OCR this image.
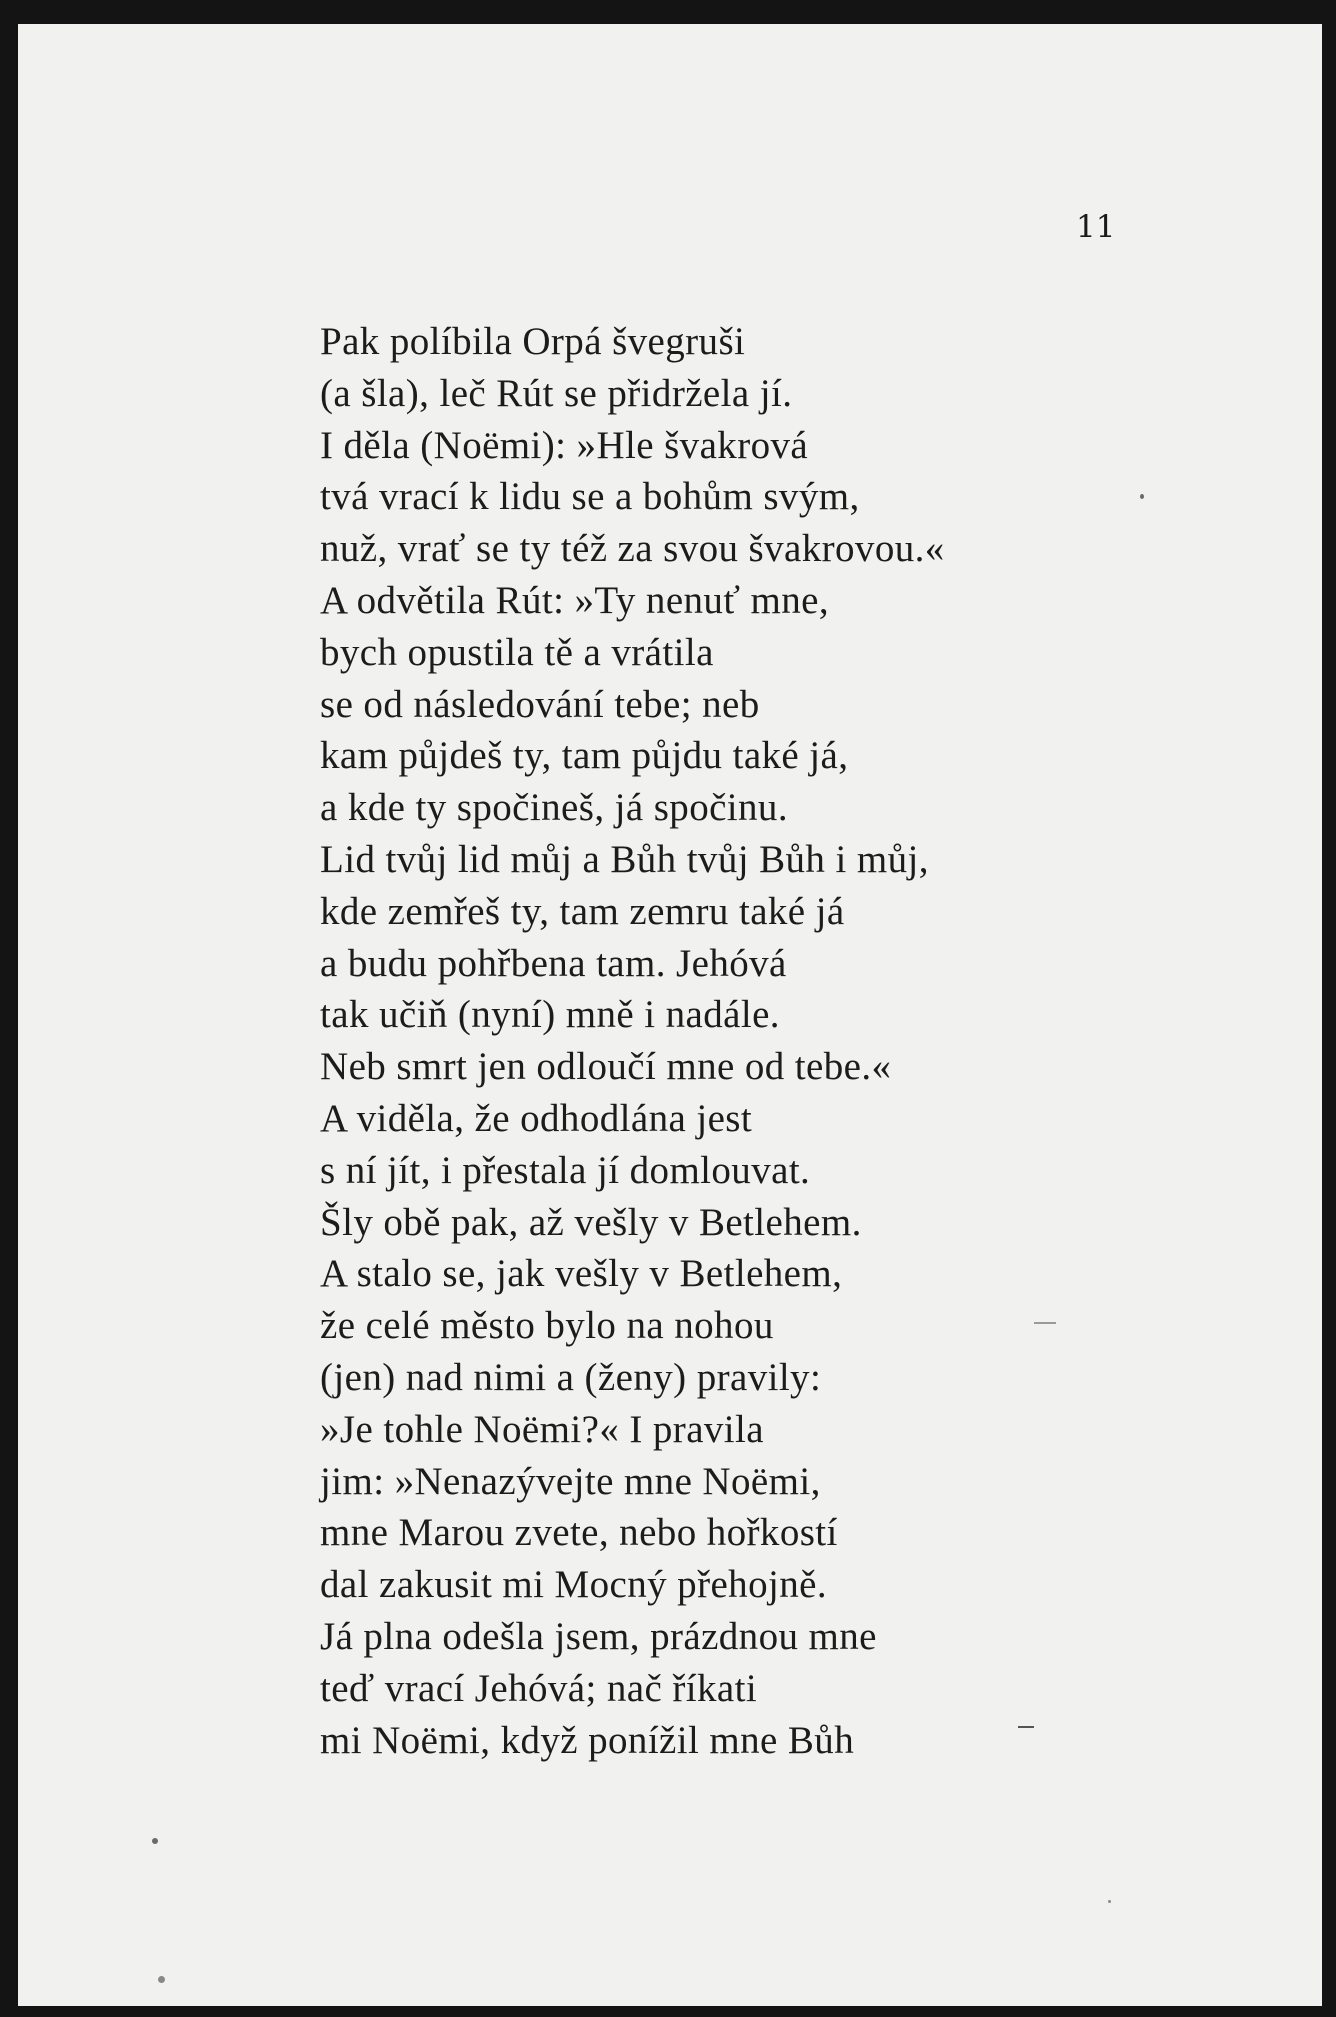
11
Pak políbila Orpá švegruši
(a šla), leč Rút se přidržela jí.
I děla (Noëmi): »Hle švakrová
tvá vrací k lidu se a bohům svým,
nuž, vrať se ty též za svou švakrovou.«
A odvětila Rút: »Ty nenuť mne,
bych opustila tě a vrátila
se od následování tebe; neb
kam půjdeš ty, tam půjdu také já,
a kde ty spočineš, já spočinu.
Lid tvůj lid můj a Bůh tvůj Bůh i můj,
kde zemřeš ty, tam zemru také já
a budu pohřbena tam. Jehóvá
tak učiň (nyní) mně i nadále.
Neb smrt jen odloučí mne od tebe.«
A viděla, že odhodlána jest
s ní jít, i přestala jí domlouvat.
Šly obě pak, až vešly v Betlehem.
A stalo se, jak vešly v Betlehem,
že celé město bylo na nohou
(jen) nad nimi a (ženy) pravily:
»Je tohle Noëmi?« I pravila
jim: »Nenazývejte mne Noëmi,
mne Marou zvete, nebo hořkostí
dal zakusit mi Mocný přehojně.
Já plna odešla jsem, prázdnou mne
teď vrací Jehóvá; nač říkati
mi Noëmi, když ponížil mne Bůh
